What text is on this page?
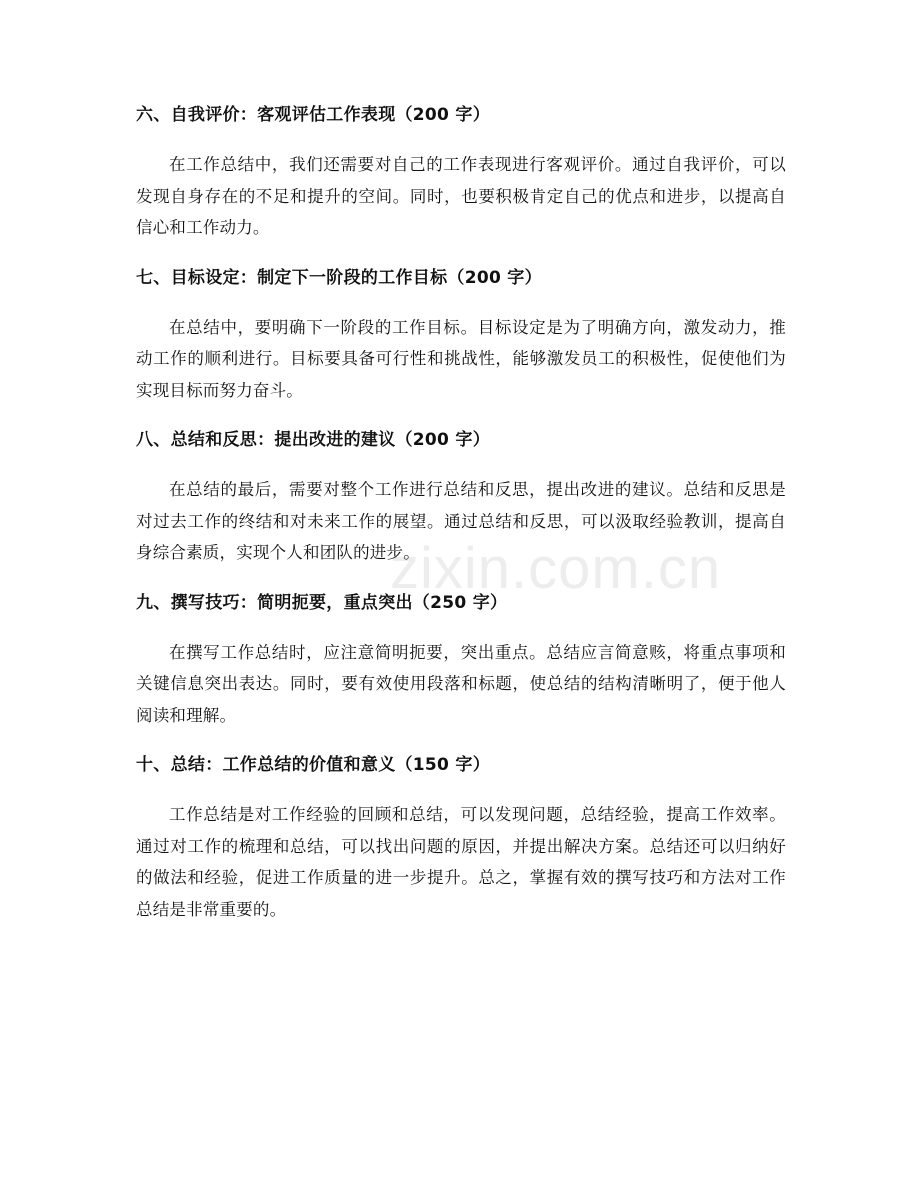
zixin.com.cn
六、自我评价：客观评估工作表现（200 字）

在工作总结中，我们还需要对自己的工作表现进行客观评价。通过自我评价，可以发现自身存在的不足和提升的空间。同时，也要积极肯定自己的优点和进步，以提高自信心和工作动力。

七、目标设定：制定下一阶段的工作目标（200 字）

在总结中，要明确下一阶段的工作目标。目标设定是为了明确方向，激发动力，推动工作的顺利进行。目标要具备可行性和挑战性，能够激发员工的积极性，促使他们为实现目标而努力奋斗。

八、总结和反思：提出改进的建议（200 字）

在总结的最后，需要对整个工作进行总结和反思，提出改进的建议。总结和反思是对过去工作的终结和对未来工作的展望。通过总结和反思，可以汲取经验教训，提高自身综合素质，实现个人和团队的进步。

九、撰写技巧：简明扼要，重点突出（250 字）

在撰写工作总结时，应注意简明扼要，突出重点。总结应言简意赅，将重点事项和关键信息突出表达。同时，要有效使用段落和标题，使总结的结构清晰明了，便于他人阅读和理解。

十、总结：工作总结的价值和意义（150 字）

工作总结是对工作经验的回顾和总结，可以发现问题，总结经验，提高工作效率。通过对工作的梳理和总结，可以找出问题的原因，并提出解决方案。总结还可以归纳好的做法和经验，促进工作质量的进一步提升。总之，掌握有效的撰写技巧和方法对工作总结是非常重要的。
